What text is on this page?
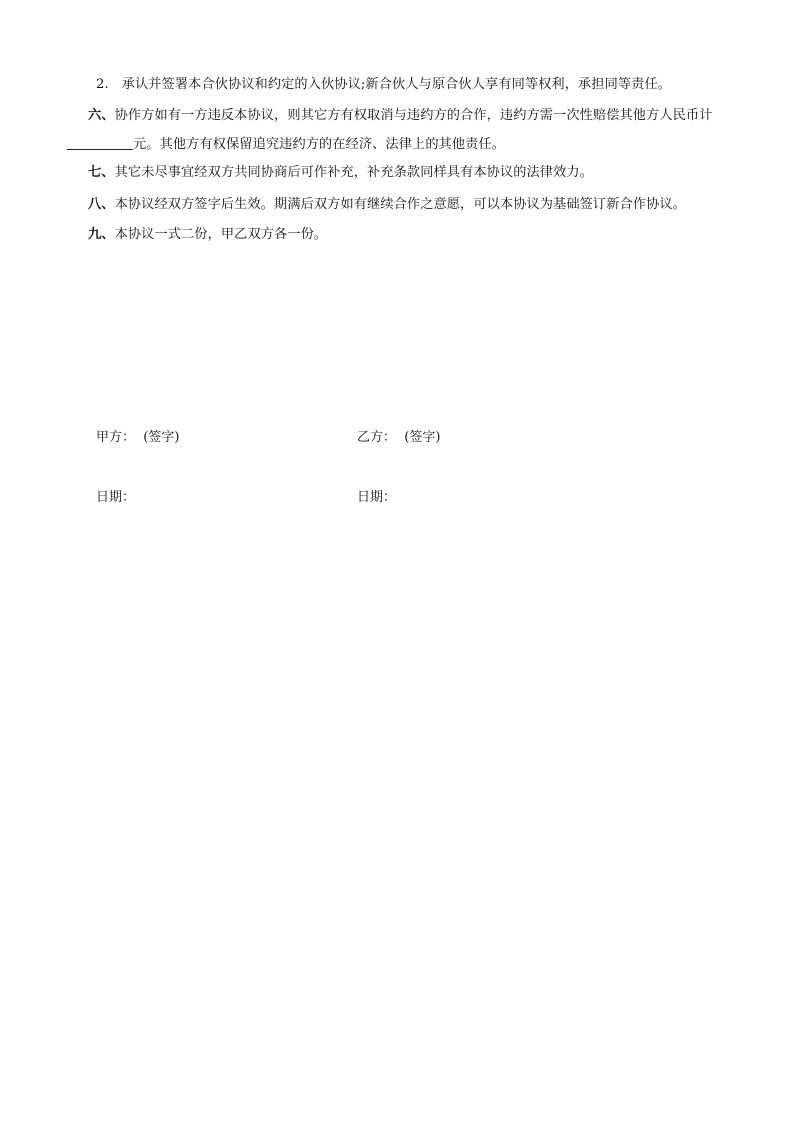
2. 承认并签署本合伙协议和约定的入伙协议;新合伙人与原合伙人享有同等权利，承担同等责任。
六、协作方如有一方违反本协议，则其它方有权取消与违约方的合作，违约方需一次性赔偿其他方人民币计
元。其他方有权保留追究违约方的在经济、法律上的其他责任。
七、其它未尽事宜经双方共同协商后可作补充，补充条款同样具有本协议的法律效力。
八、本协议经双方签字后生效。期满后双方如有继续合作之意愿，可以本协议为基础签订新合作协议。
九、本协议一式二份，甲乙双方各一份。
甲方： (签字)	乙方： (签字)
日期：	日期：
